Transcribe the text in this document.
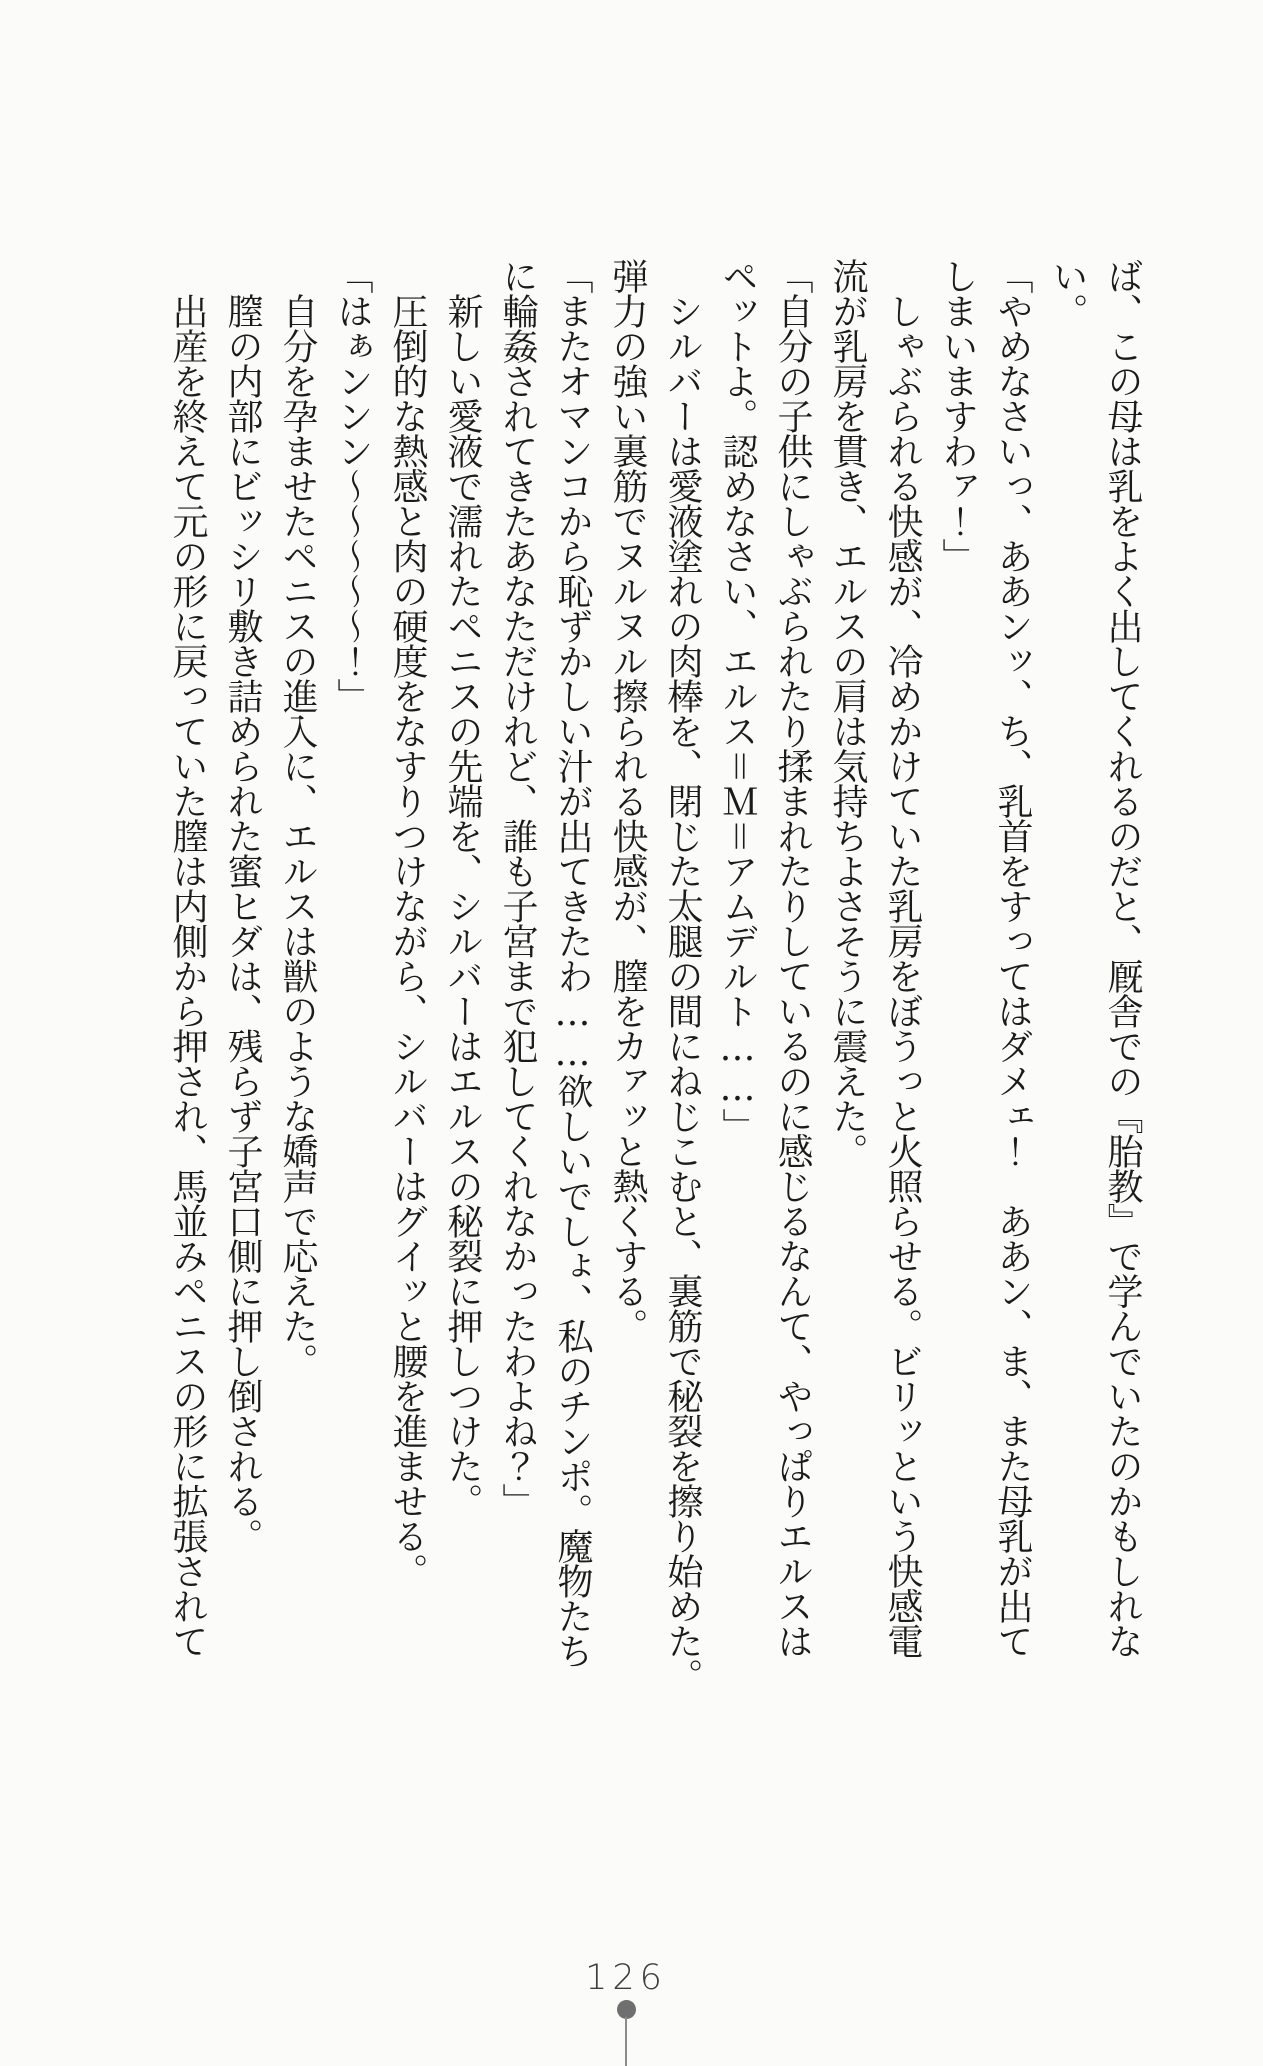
ば、この母は乳をよく出してくれるのだと、厩舎での『胎教』で学んでいたのかもしれな

い。

「やめなさいっ、ああンッ、ち、乳首をすってはダメェ！　ああン、ま、また母乳が出て

しまいますわァ！」

　しゃぶられる快感が、冷めかけていた乳房をぼうっと火照らせる。ビリッという快感電

流が乳房を貫き、エルスの肩は気持ちよさそうに震えた。

「自分の子供にしゃぶられたり揉まれたりしているのに感じるなんて、やっぱりエルスは

ペットよ。認めなさい、エルス＝Ｍ＝アムデルト……」

　シルバーは愛液塗れの肉棒を、閉じた太腿の間にねじこむと、裏筋で秘裂を擦り始めた。

弾力の強い裏筋でヌルヌル擦られる快感が、膣をカァッと熱くする。

「またオマンコから恥ずかしい汁が出てきたわ……欲しいでしょ、私のチンポ。魔物たち

に輪姦されてきたあなただけれど、誰も子宮まで犯してくれなかったわよね？」

　新しい愛液で濡れたペニスの先端を、シルバーはエルスの秘裂に押しつけた。

　圧倒的な熱感と肉の硬度をなすりつけながら、シルバーはグイッと腰を進ませる。

「はぁンンン〜〜〜〜〜！」

　自分を孕ませたペニスの進入に、エルスは獣のような嬌声で応えた。

　膣の内部にビッシリ敷き詰められた蜜ヒダは、残らず子宮口側に押し倒される。

　出産を終えて元の形に戻っていた膣は内側から押され、馬並みペニスの形に拡張されて

126
